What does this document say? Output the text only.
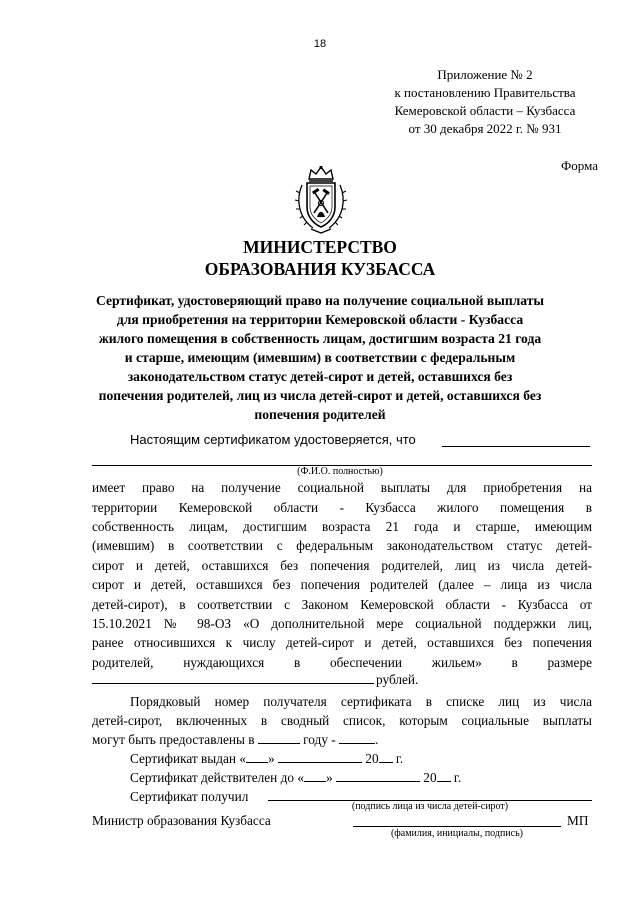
18
Приложение № 2
к постановлению Правительства
Кемеровской области – Кузбасса
от 30 декабря 2022 г. № 931
Форма
МИНИСТЕРСТВО
ОБРАЗОВАНИЯ КУЗБАССА
Сертификат, удостоверяющий право на получение социальной выплаты
для приобретения на территории Кемеровской области - Кузбасса
жилого помещения в собственность лицам, достигшим возраста 21 года
и старше, имеющим (имевшим) в соответствии с федеральным
законодательством статус детей-сирот и детей, оставшихся без
попечения родителей, лиц из числа детей-сирот и детей, оставшихся без
попечения родителей
Настоящим сертификатом удостоверяется, что
(Ф.И.О. полностью)
имеет право на получение социальной выплаты для приобретения на
территории Кемеровской области - Кузбасса жилого помещения в
собственность лицам, достигшим возраста 21 года и старше, имеющим
(имевшим) в соответствии с федеральным законодательством статус детей-
сирот и детей, оставшихся без попечения родителей, лиц из числа детей-
сирот и детей, оставшихся без попечения родителей (далее – лица из числа
детей-сирот), в соответствии с Законом Кемеровской области - Кузбасса от
15.10.2021 № 98-ОЗ «О дополнительной мере социальной поддержки лиц,
ранее относившихся к числу детей-сирот и детей, оставшихся без попечения
родителей, нуждающихся в обеспечении жильем» в размере
рублей.
Порядковый номер получателя сертификата в списке лиц из числа
детей-сирот, включенных в сводный список, которым социальные выплаты
могут быть предоставлены в	году -	.
Сертификат выдан « »	20 г.
Сертификат действителен до « »	20 г.
Сертификат получил
(подпись лица из числа детей-сирот)
Министр образования Кузбасса	МП
(фамилия, инициалы, подпись)
